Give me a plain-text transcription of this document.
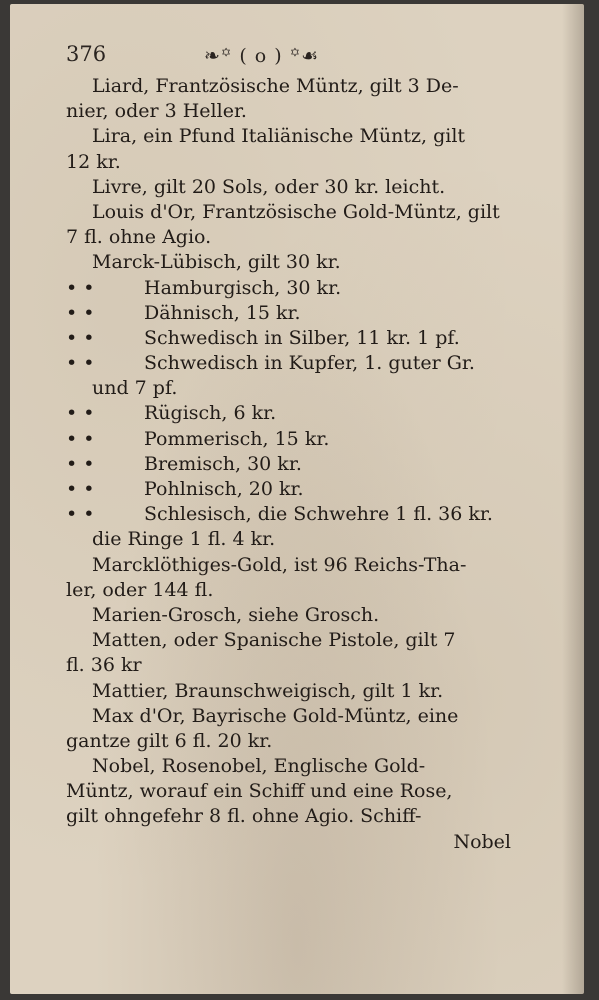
376	❧꙳ ( o ) ꙳☙
Liard, Frantzösische Müntz, gilt 3 De-
nier, oder 3 Heller.
Lira, ein Pfund Italiänische Müntz, gilt
12 kr.
Livre, gilt 20 Sols, oder 30 kr. leicht.
Louis d'Or, Frantzösische Gold-Müntz, gilt
7 fl. ohne Agio.
Marck-Lübisch, gilt 30 kr.
• •	Hamburgisch, 30 kr.
• •	Dähnisch, 15 kr.
• •	Schwedisch in Silber, 11 kr. 1 pf.
• •	Schwedisch in Kupfer, 1. guter Gr.
und 7 pf.
• •	Rügisch, 6 kr.
• •	Pommerisch, 15 kr.
• •	Bremisch, 30 kr.
• •	Pohlnisch, 20 kr.
• •	Schlesisch, die Schwehre 1 fl. 36 kr.
die Ringe 1 fl. 4 kr.
Marcklöthiges-Gold, ist 96 Reichs-Tha-
ler, oder 144 fl.
Marien-Grosch, siehe Grosch.
Matten, oder Spanische Pistole, gilt 7
fl. 36 kr
Mattier, Braunschweigisch, gilt 1 kr.
Max d'Or, Bayrische Gold-Müntz, eine
gantze gilt 6 fl. 20 kr.
Nobel, Rosenobel, Englische Gold-
Müntz, worauf ein Schiff und eine Rose,
gilt ohngefehr 8 fl. ohne Agio. Schiff-
Nobel
